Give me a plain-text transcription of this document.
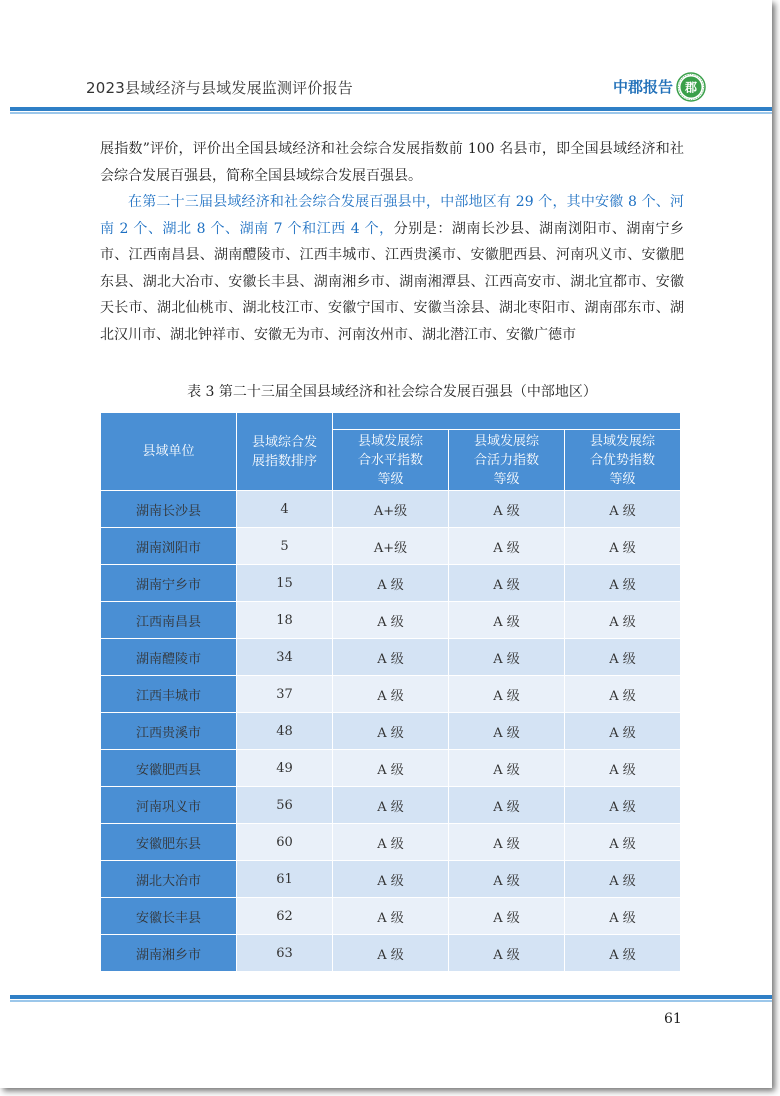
2023县域经济与县域发展监测评价报告	中郡报告 郡

展指数”评价，评价出全国县域经济和社会综合发展指数前 100 名县市，即全国县域经济和社会综合发展百强县，简称全国县域综合发展百强县。

在第二十三届县域经济和社会综合发展百强县中，中部地区有 29 个，其中安徽 8 个、河南 2 个、湖北 8 个、湖南 7 个和江西 4 个，分别是：湖南长沙县、湖南浏阳市、湖南宁乡市、江西南昌县、湖南醴陵市、江西丰城市、江西贵溪市、安徽肥西县、河南巩义市、安徽肥东县、湖北大冶市、安徽长丰县、湖南湘乡市、湖南湘潭县、江西高安市、湖北宜都市、安徽天长市、湖北仙桃市、湖北枝江市、安徽宁国市、安徽当涂县、湖北枣阳市、湖南邵东市、湖北汉川市、湖北钟祥市、安徽无为市、河南汝州市、湖北潜江市、安徽广德市

表 3 第二十三届全国县域经济和社会综合发展百强县（中部地区）
县域单位	县域综合发展指数排序			
		县域发展综合水平指数等级	县域发展综合活力指数等级	县域发展综合优势指数等级
湖南长沙县	4	A+级	A 级	A 级
湖南浏阳市	5	A+级	A 级	A 级
湖南宁乡市	15	A 级	A 级	A 级
江西南昌县	18	A 级	A 级	A 级
湖南醴陵市	34	A 级	A 级	A 级
江西丰城市	37	A 级	A 级	A 级
江西贵溪市	48	A 级	A 级	A 级
安徽肥西县	49	A 级	A 级	A 级
河南巩义市	56	A 级	A 级	A 级
安徽肥东县	60	A 级	A 级	A 级
湖北大冶市	61	A 级	A 级	A 级
安徽长丰县	62	A 级	A 级	A 级
湖南湘乡市	63	A 级	A 级	A 级
61
